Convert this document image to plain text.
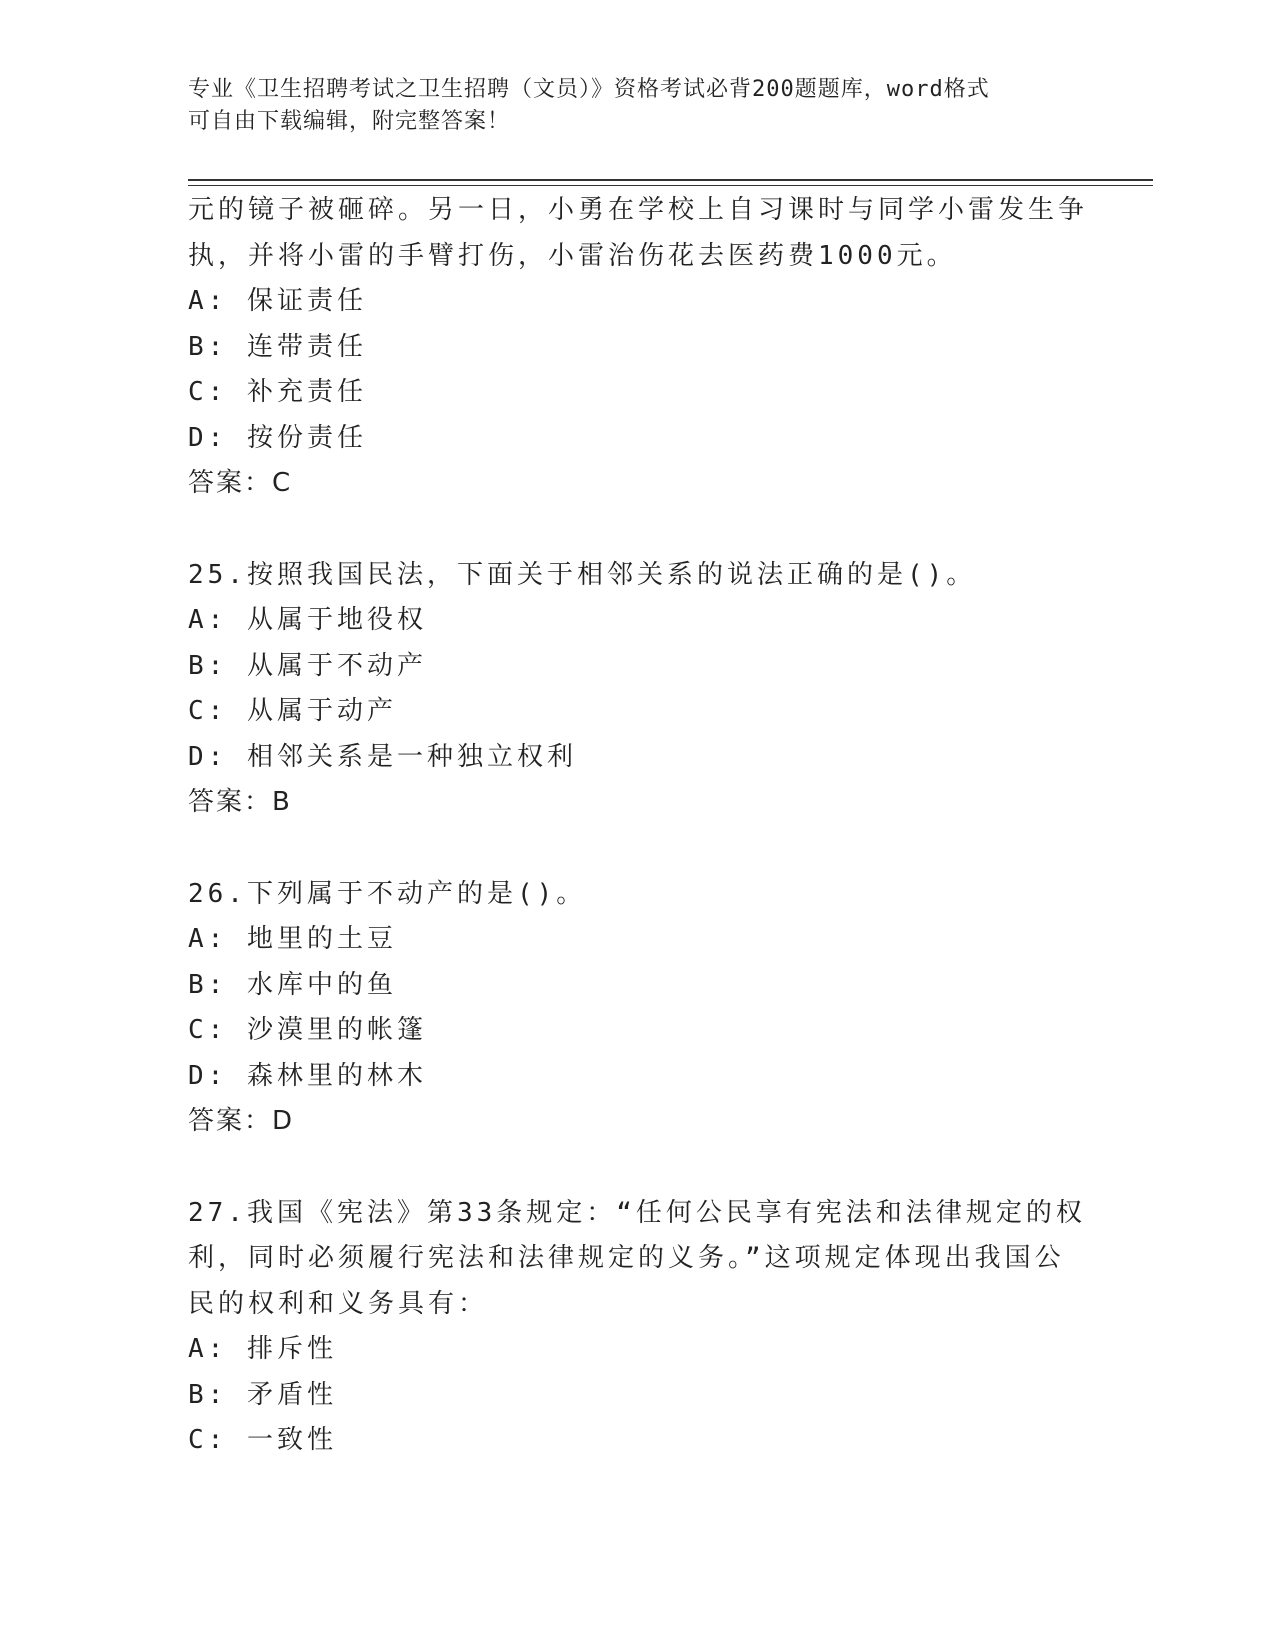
专业《卫生招聘考试之卫生招聘（文员）》资格考试必背200题题库，word格式
可自由下载编辑，附完整答案！
元的镜子被砸碎。另一日，小勇在学校上自习课时与同学小雷发生争
执，并将小雷的手臂打伤，小雷治伤花去医药费1000元。
A: 保证责任
B: 连带责任
C: 补充责任
D: 按份责任
答案：C
25.按照我国民法，下面关于相邻关系的说法正确的是()。
A: 从属于地役权
B: 从属于不动产
C: 从属于动产
D: 相邻关系是一种独立权利
答案：B
26.下列属于不动产的是()。
A: 地里的土豆
B: 水库中的鱼
C: 沙漠里的帐篷
D: 森林里的林木
答案：D
27.我国《宪法》第33条规定：“任何公民享有宪法和法律规定的权
利，同时必须履行宪法和法律规定的义务。”这项规定体现出我国公
民的权利和义务具有：
A: 排斥性
B: 矛盾性
C: 一致性
